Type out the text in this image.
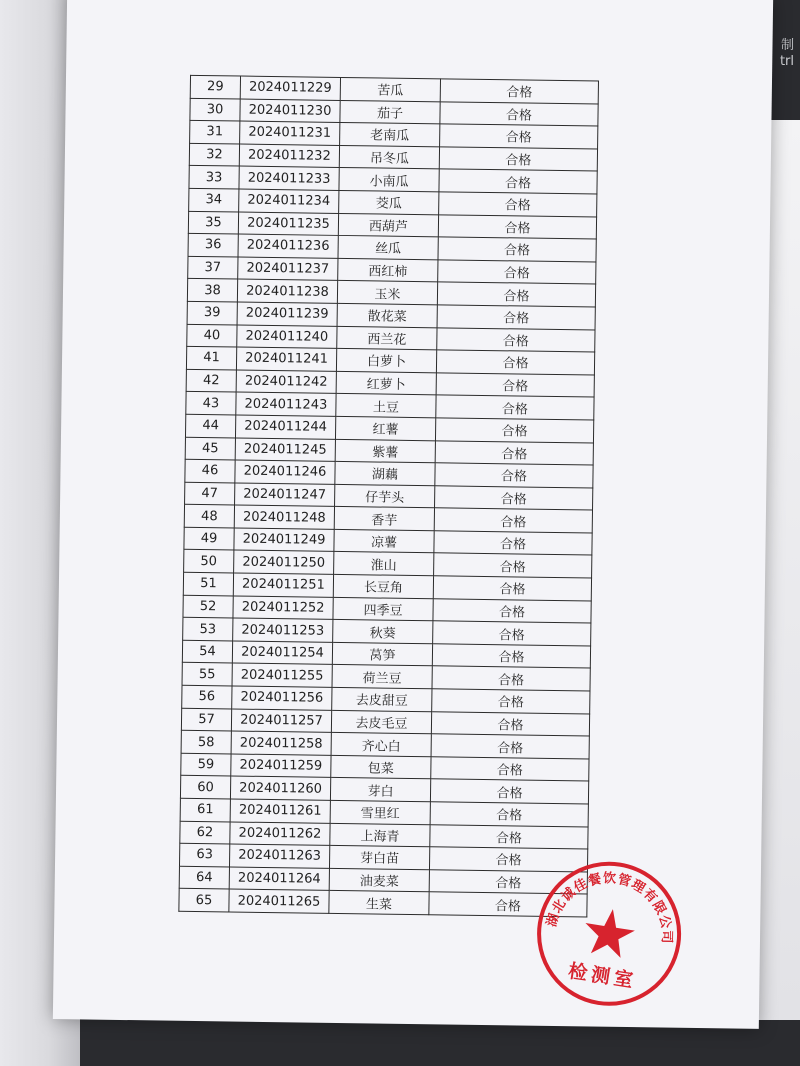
制
trl
29	2024011229	苦瓜	合格
30	2024011230	茄子	合格
31	2024011231	老南瓜	合格
32	2024011232	吊冬瓜	合格
33	2024011233	小南瓜	合格
34	2024011234	茭瓜	合格
35	2024011235	西葫芦	合格
36	2024011236	丝瓜	合格
37	2024011237	西红柿	合格
38	2024011238	玉米	合格
39	2024011239	散花菜	合格
40	2024011240	西兰花	合格
41	2024011241	白萝卜	合格
42	2024011242	红萝卜	合格
43	2024011243	土豆	合格
44	2024011244	红薯	合格
45	2024011245	紫薯	合格
46	2024011246	湖藕	合格
47	2024011247	仔芋头	合格
48	2024011248	香芋	合格
49	2024011249	凉薯	合格
50	2024011250	淮山	合格
51	2024011251	长豆角	合格
52	2024011252	四季豆	合格
53	2024011253	秋葵	合格
54	2024011254	莴笋	合格
55	2024011255	荷兰豆	合格
56	2024011256	去皮甜豆	合格
57	2024011257	去皮毛豆	合格
58	2024011258	齐心白	合格
59	2024011259	包菜	合格
60	2024011260	芽白	合格
61	2024011261	雪里红	合格
62	2024011262	上海青	合格
63	2024011263	芽白苗	合格
64	2024011264	油麦菜	合格
65	2024011265	生菜	合格
湖北诚佳餐饮管理有限公司
检测室
